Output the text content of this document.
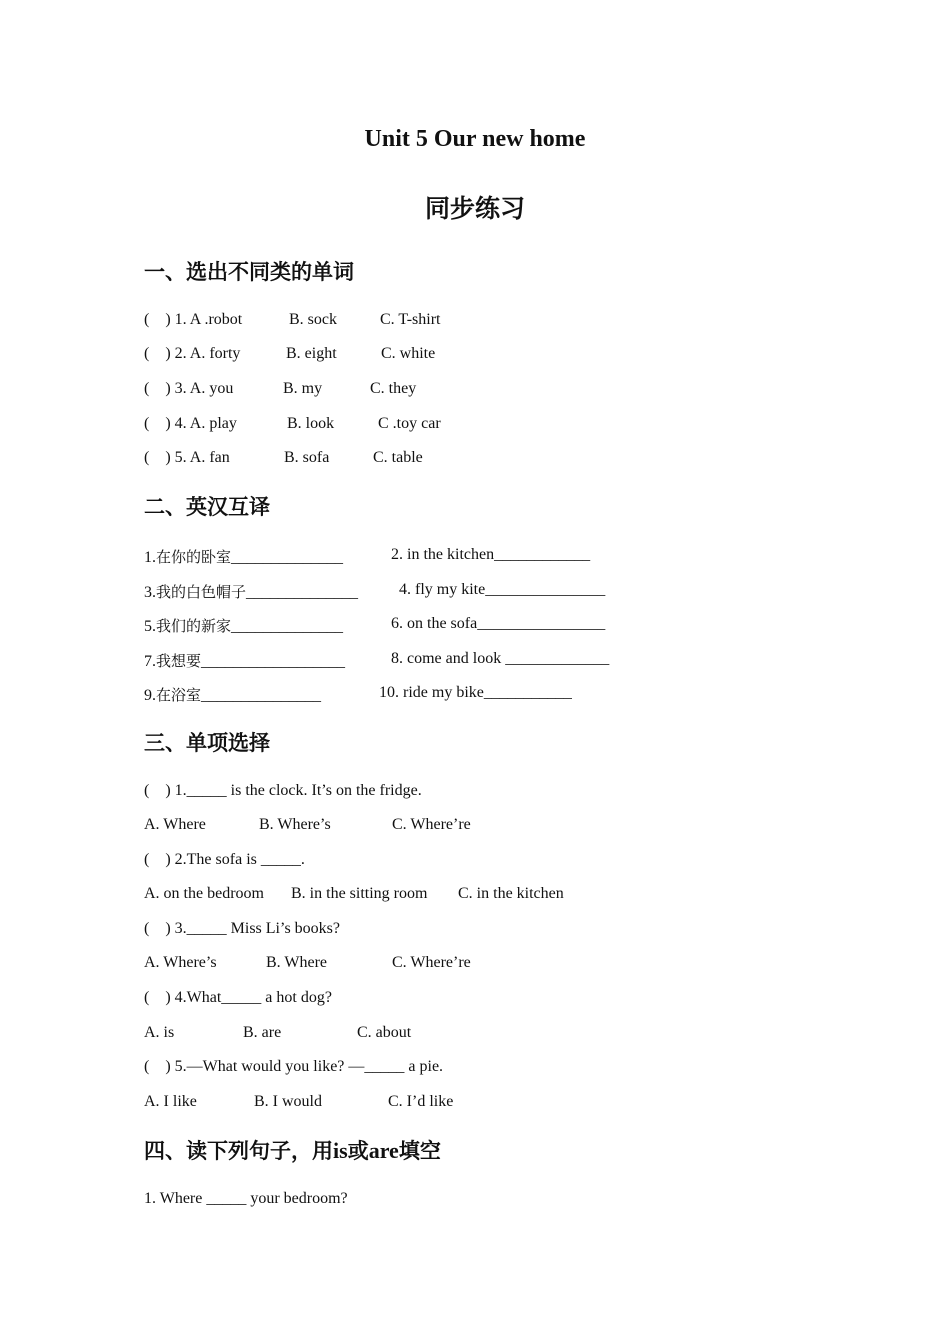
Unit 5 Our new home
同步练习
一、选出不同类的单词
(    ) 1. A .robot	B. sock	C. T-shirt
(    ) 2. A. forty	B. eight	C. white
(    ) 3. A. you	B. my	C. they
(    ) 4. A. play	B. look	C .toy car
(    ) 5. A. fan	B. sofa	C. table
二、英汉互译
1.在你的卧室______________	2. in the kitchen____________
3.我的白色帽子______________	4. fly my kite_______________
5.我们的新家______________	6. on the sofa________________
7.我想要__________________	8. come and look _____________
9.在浴室_______________	10. ride my bike___________
三、单项选择
(    ) 1._____ is the clock. It’s on the fridge.
A. Where	B. Where’s	C. Where’re
(    ) 2.The sofa is _____.
A. on the bedroom B. in the sitting room C. in the kitchen
(    ) 3._____ Miss Li’s books?
A. Where’s	B. Where	C. Where’re
(    ) 4.What_____ a hot dog?
A. is	B. are	C. about
(    ) 5.—What would you like? —_____ a pie.
A. I like	B. I would	C. I’d like
四、读下列句子，用is或are填空
1. Where _____ your bedroom?
